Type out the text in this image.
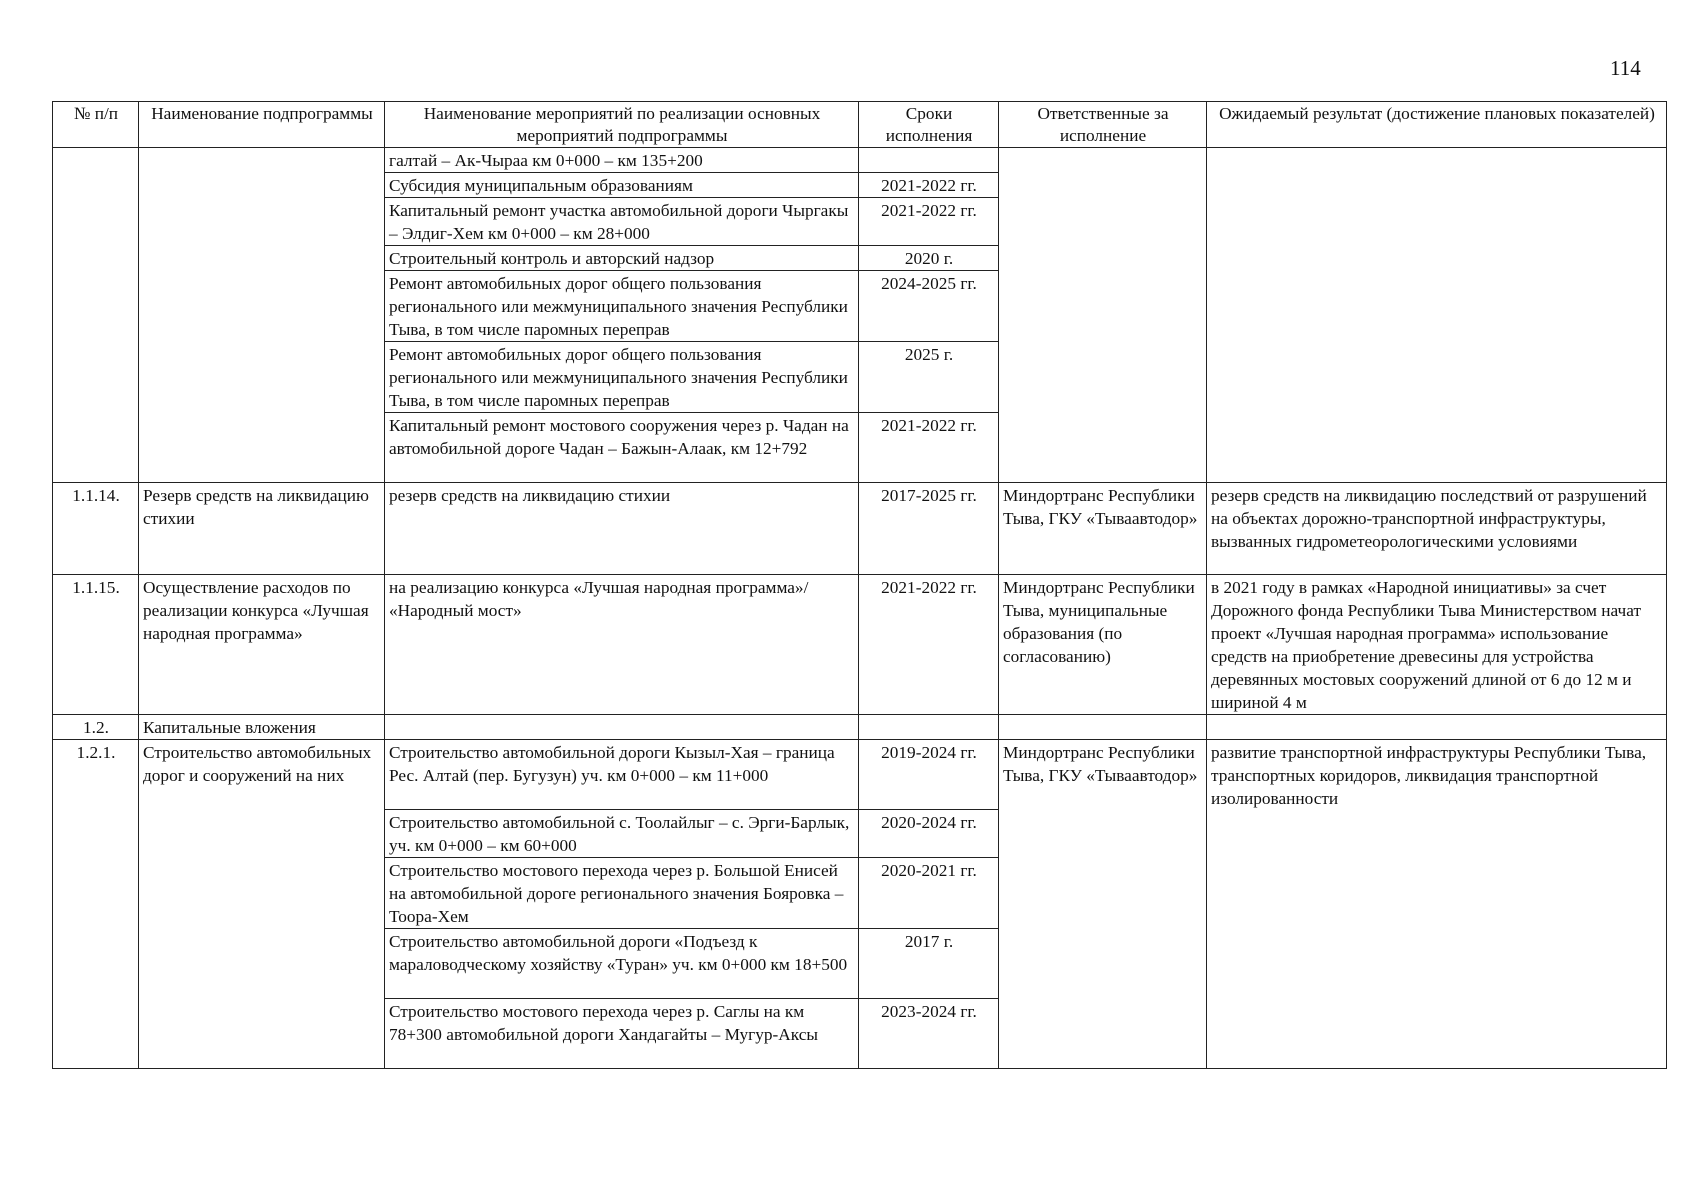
114
№ п/п	Наименование подпрограммы	Наименование мероприятий по реализации основных мероприятий подпрограммы	Сроки исполнения	Ответственные за исполнение	Ожидаемый результат (достижение плановых показателей)
		галтай – Ак-Чыраа км 0+000 – км 135+200			
		Субсидия муниципальным образованиям	2021-2022 гг.		
		Капитальный ремонт участка автомобильной дороги Чыргакы – Элдиг-Хем км 0+000 – км 28+000	2021-2022 гг.		
		Строительный контроль и авторский надзор	2020 г.		
		Ремонт автомобильных дорог общего пользования регионального или межмуниципального значения Республики Тыва, в том числе паромных переправ	2024-2025 гг.		
		Ремонт автомобильных дорог общего пользования регионального или межмуниципального значения Республики Тыва, в том числе паромных переправ	2025 г.		
		Капитальный ремонт мостового сооружения через р. Чадан на автомобильной дороге Чадан – Бажын-Алаак, км 12+792	2021-2022 гг.		
1.1.14.	Резерв средств на ликвидацию стихии	резерв средств на ликвидацию стихии	2017-2025 гг.	Миндортранс Республики Тыва, ГКУ «Тываавтодор»	резерв средств на ликвидацию последствий от разрушений на объектах дорожно-транспортной инфраструктуры, вызванных гидрометеорологическими условиями
1.1.15.	Осуществление расходов по реализации конкурса «Лучшая народная программа»	на реализацию конкурса «Лучшая народная программа»/ «Народный мост»	2021-2022 гг.	Миндортранс Республики Тыва, муниципальные образования (по согласованию)	в 2021 году в рамках «Народной инициативы» за счет Дорожного фонда Республики Тыва Министерством начат проект «Лучшая народная программа» использование средств на приобретение древесины для устройства деревянных мостовых сооружений длиной от 6 до 12 м и шириной 4 м
1.2.	Капитальные вложения				
1.2.1.	Строительство автомобильных дорог и сооружений на них	Строительство автомобильной дороги Кызыл-Хая – граница Рес. Алтай (пер. Бугузун) уч. км 0+000 – км 11+000	2019-2024 гг.	Миндортранс Республики Тыва, ГКУ «Тываавтодор»	развитие транспортной инфраструктуры Республики Тыва, транспортных коридоров, ликвидация транспортной изолированности
		Строительство автомобильной с. Тоолайлыг – с. Эрги-Барлык, уч. км 0+000 – км 60+000	2020-2024 гг.		
		Строительство мостового перехода через р. Большой Енисей на автомобильной дороге регионального значения Бояровка – Тоора-Хем	2020-2021 гг.		
		Строительство автомобильной дороги «Подъезд к мараловодческому хозяйству «Туран» уч. км 0+000 км 18+500	2017 г.		
		Строительство мостового перехода через р. Саглы на км 78+300 автомобильной дороги Хандагайты – Мугур-Аксы	2023-2024 гг.		
